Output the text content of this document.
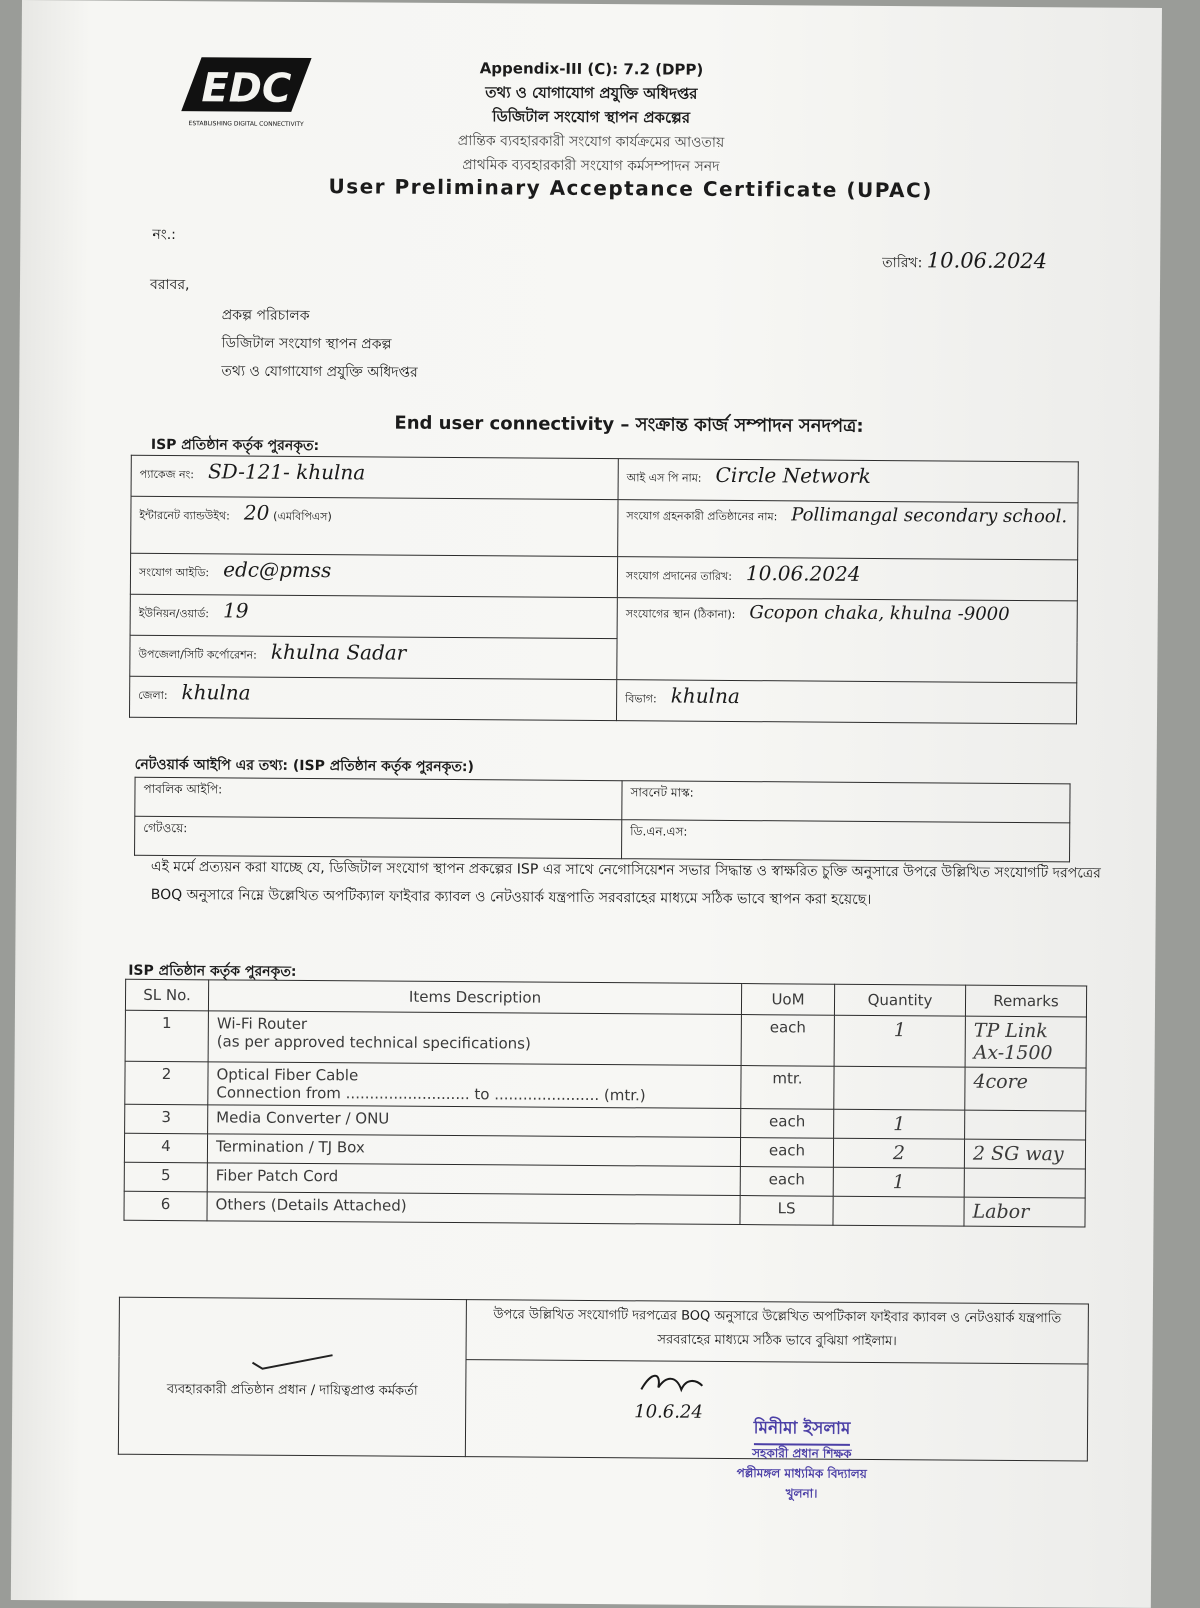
EDC
ESTABLISHING DIGITAL CONNECTIVITY
Appendix-III (C): 7.2 (DPP)
তথ্য ও যোগাযোগ প্রযুক্তি অধিদপ্তর
ডিজিটাল সংযোগ স্থাপন প্রকল্পের
প্রান্তিক ব্যবহারকারী সংযোগ কার্যক্রমের আওতায়
প্রাথমিক ব্যবহারকারী সংযোগ কর্মসম্পাদন সনদ
User Preliminary Acceptance Certificate (UPAC)
নং.:
তারিখ: 10.06.2024
বরাবর,
প্রকল্প পরিচালক
ডিজিটাল সংযোগ স্থাপন প্রকল্প
তথ্য ও যোগাযোগ প্রযুক্তি অধিদপ্তর
End user connectivity – সংক্রান্ত কার্জ সম্পাদন সনদপত্র:
ISP প্রতিষ্ঠান কর্তৃক পুরনকৃত:
প্যাকেজ নং: SD-121- khulna	আই এস পি নাম: Circle Network
ইন্টারনেট ব্যান্ডউইথ: 20 (এমবিপিএস)	সংযোগ গ্রহনকারী প্রতিষ্ঠানের নাম: Pollimangal secondary school.
সংযোগ আইডি: edc@pmss	সংযোগ প্রদানের তারিখ: 10.06.2024
ইউনিয়ন/ওয়ার্ড: 19	সংযোগের স্থান (ঠিকানা): Gcopon chaka, khulna -9000
উপজেলা/সিটি কর্পোরেশন: khulna Sadar	
জেলা: khulna	বিভাগ: khulna
নেটওয়ার্ক আইপি এর তথ্য: (ISP প্রতিষ্ঠান কর্তৃক পুরনকৃত:)
পাবলিক আইপি:	সাবনেট মাস্ক:
গেটওয়ে:	ডি.এন.এস:
এই মর্মে প্রত্যয়ন করা যাচ্ছে যে, ডিজিটাল সংযোগ স্থাপন প্রকল্পের ISP এর সাথে নেগোসিয়েশন সভার সিদ্ধান্ত ও স্বাক্ষরিত চুক্তি অনুসারে উপরে উল্লিখিত সংযোগটি দরপত্রের BOQ অনুসারে নিম্নে উল্লেখিত অপটিক্যাল ফাইবার ক্যাবল ও নেটওয়ার্ক যন্ত্রপাতি সরবরাহের মাধ্যমে সঠিক ভাবে স্থাপন করা হয়েছে।
ISP প্রতিষ্ঠান কর্তৃক পুরনকৃত:
SL No.	Items Description	UoM	Quantity	Remarks
1	Wi-Fi Router
(as per approved technical specifications)	each	1	TP Link Ax-1500
2	Optical Fiber Cable
Connection from .......................... to ...................... (mtr.)	mtr.		4core
3	Media Converter / ONU	each	1	
4	Termination / TJ Box	each	2	2 SG way
5	Fiber Patch Cord	each	1	
6	Others (Details Attached)	LS		Labor
ব্যবহারকারী প্রতিষ্ঠান প্রধান / দায়িত্বপ্রাপ্ত কর্মকর্তা	উপরে উল্লিখিত সংযোগটি দরপত্রের BOQ অনুসারে উল্লেখিত অপটিকাল ফাইবার ক্যাবল ও নেটওয়ার্ক যন্ত্রপাতি সরবরাহের মাধ্যমে সঠিক ভাবে বুঝিয়া পাইলাম।

10.6.24
মিনীমা ইসলাম
সহকারী প্রধান শিক্ষক
পল্লীমঙ্গল মাধ্যমিক বিদ্যালয়
খুলনা।
